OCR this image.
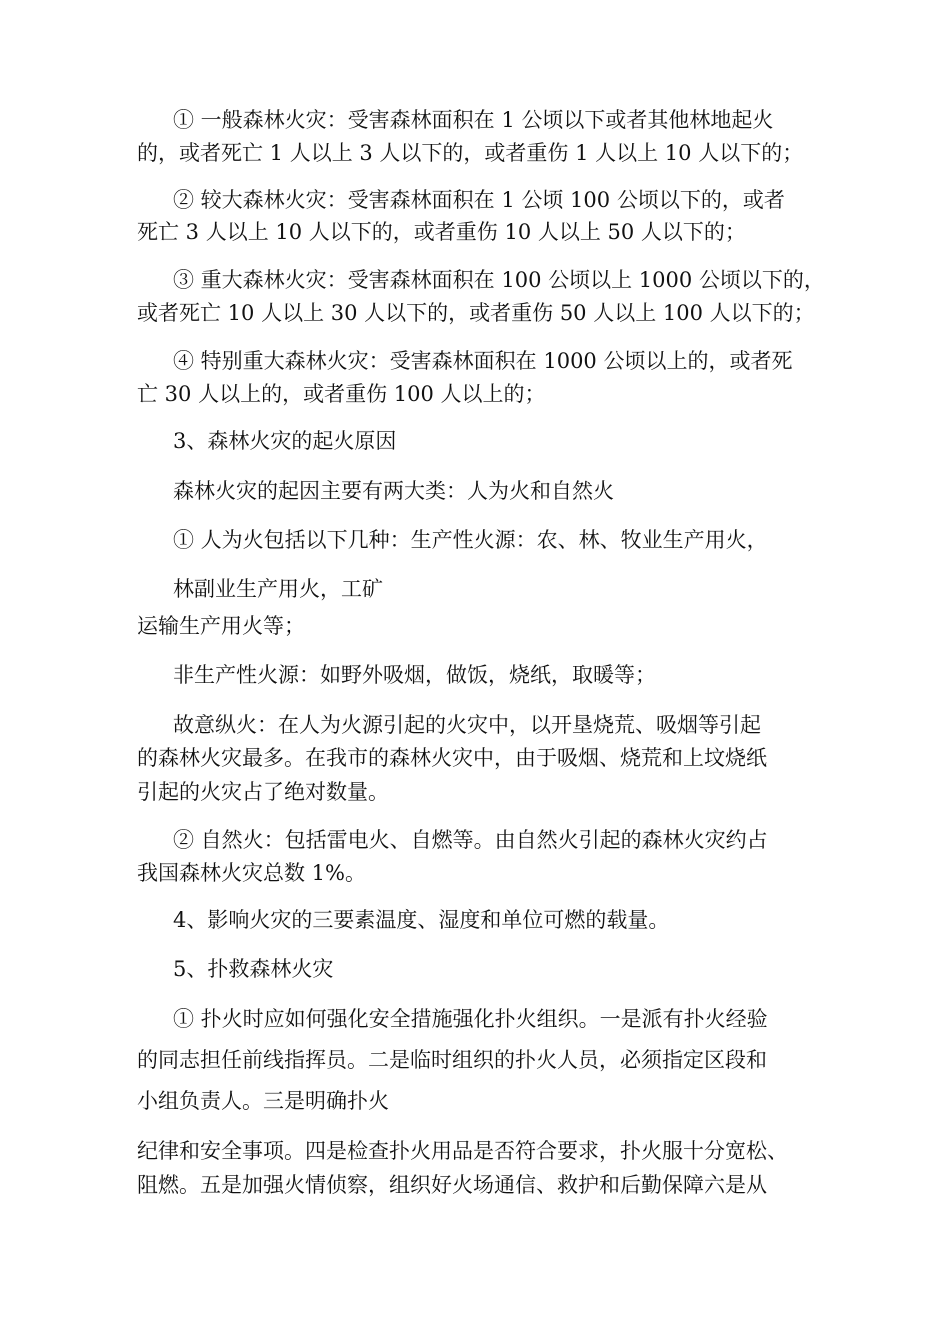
① 一般森林火灾：受害森林面积在 1 公顷以下或者其他林地起火
的，或者死亡 1 人以上 3 人以下的，或者重伤 1 人以上 10 人以下的；
② 较大森林火灾：受害森林面积在 1 公顷 100 公顷以下的，或者
死亡 3 人以上 10 人以下的，或者重伤 10 人以上 50 人以下的；
③ 重大森林火灾：受害森林面积在 100 公顷以上 1000 公顷以下的，
或者死亡 10 人以上 30 人以下的，或者重伤 50 人以上 100 人以下的；
④ 特别重大森林火灾：受害森林面积在 1000 公顷以上的，或者死
亡 30 人以上的，或者重伤 100 人以上的；
3、森林火灾的起火原因
森林火灾的起因主要有两大类：人为火和自然火
① 人为火包括以下几种：生产性火源：农、林、牧业生产用火，
林副业生产用火，工矿
运输生产用火等；
非生产性火源：如野外吸烟，做饭，烧纸，取暖等；
故意纵火：在人为火源引起的火灾中，以开垦烧荒、吸烟等引起
的森林火灾最多。在我市的森林火灾中，由于吸烟、烧荒和上坟烧纸
引起的火灾占了绝对数量。
② 自然火：包括雷电火、自燃等。由自然火引起的森林火灾约占
我国森林火灾总数 1%。
4、影响火灾的三要素温度、湿度和单位可燃的载量。
5、扑救森林火灾
① 扑火时应如何强化安全措施强化扑火组织。一是派有扑火经验
的同志担任前线指挥员。二是临时组织的扑火人员，必须指定区段和
小组负责人。三是明确扑火
纪律和安全事项。四是检查扑火用品是否符合要求，扑火服十分宽松、
阻燃。五是加强火情侦察，组织好火场通信、救护和后勤保障六是从
